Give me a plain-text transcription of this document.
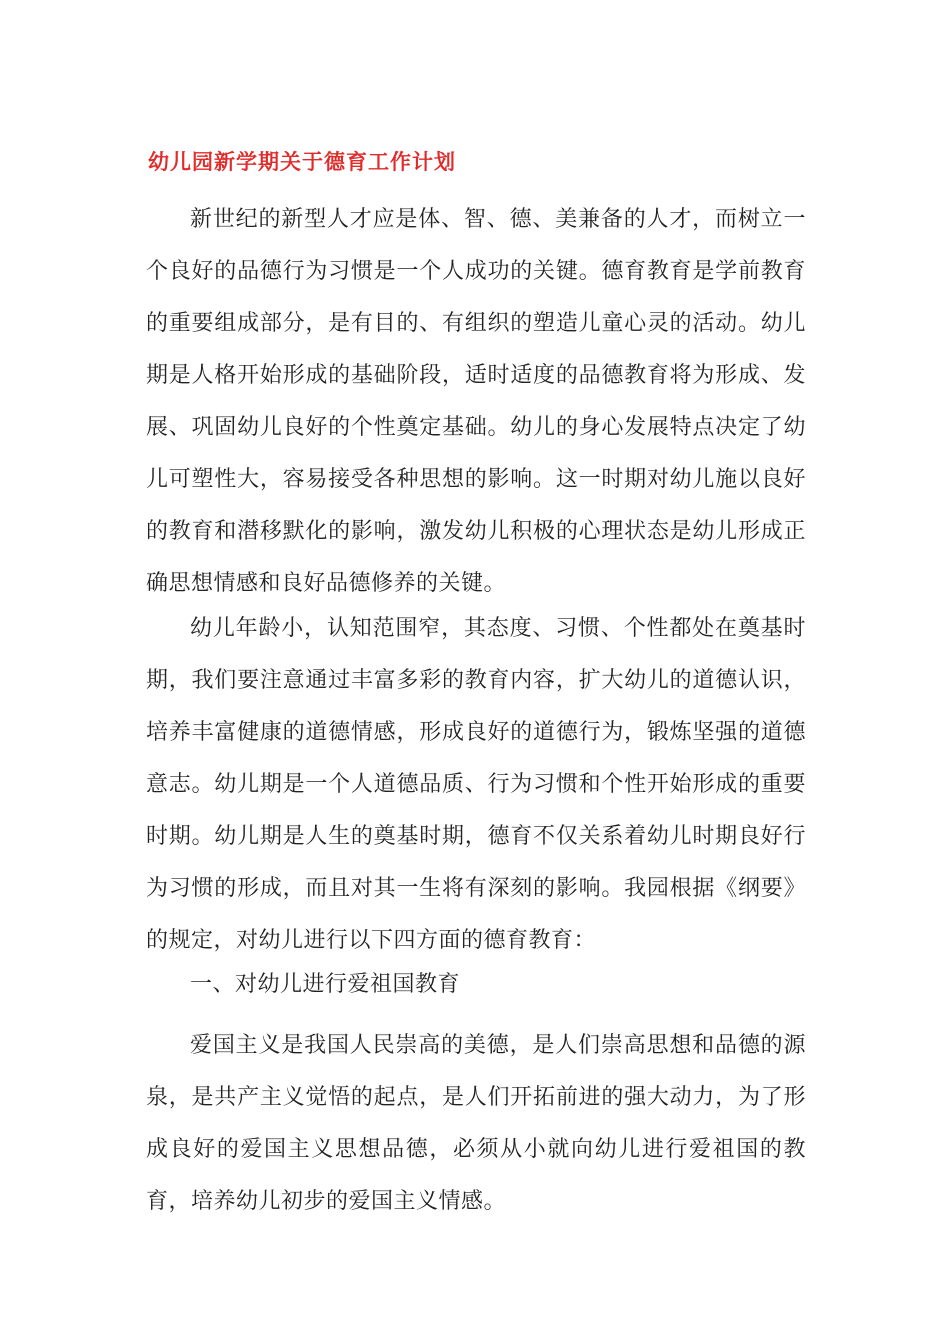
幼儿园新学期关于德育工作计划

新世纪的新型人才应是体、智、德、美兼备的人才，而树立一个良好的品德行为习惯是一个人成功的关键。德育教育是学前教育的重要组成部分，是有目的、有组织的塑造儿童心灵的活动。幼儿期是人格开始形成的基础阶段，适时适度的品德教育将为形成、发展、巩固幼儿良好的个性奠定基础。幼儿的身心发展特点决定了幼儿可塑性大，容易接受各种思想的影响。这一时期对幼儿施以良好的教育和潜移默化的影响，激发幼儿积极的心理状态是幼儿形成正确思想情感和良好品德修养的关键。

幼儿年龄小，认知范围窄，其态度、习惯、个性都处在奠基时期，我们要注意通过丰富多彩的教育内容，扩大幼儿的道德认识，培养丰富健康的道德情感，形成良好的道德行为，锻炼坚强的道德意志。幼儿期是一个人道德品质、行为习惯和个性开始形成的重要时期。幼儿期是人生的奠基时期，德育不仅关系着幼儿时期良好行为习惯的形成，而且对其一生将有深刻的影响。我园根据《纲要》的规定，对幼儿进行以下四方面的德育教育：

一、对幼儿进行爱祖国教育

爱国主义是我国人民崇高的美德，是人们崇高思想和品德的源泉，是共产主义觉悟的起点，是人们开拓前进的强大动力，为了形成良好的爱国主义思想品德，必须从小就向幼儿进行爱祖国的教育，培养幼儿初步的爱国主义情感。
